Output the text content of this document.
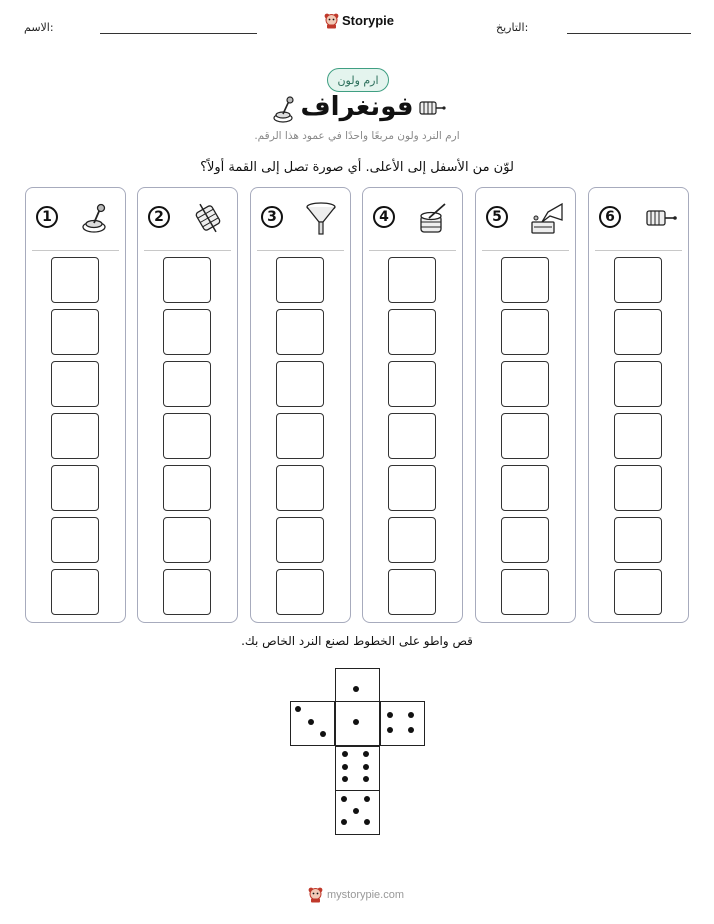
الاسم:	Storypie	التاريخ:
ارم ولون
فونغراف
ارم النرد ولون مربعًا واحدًا في عمود هذا الرقم.
لوّن من الأسفل إلى الأعلى. أي صورة تصل إلى القمة أولاً؟
1	2	3	4	5	6
قص واطو على الخطوط لصنع النرد الخاص بك.
mystorypie.com
